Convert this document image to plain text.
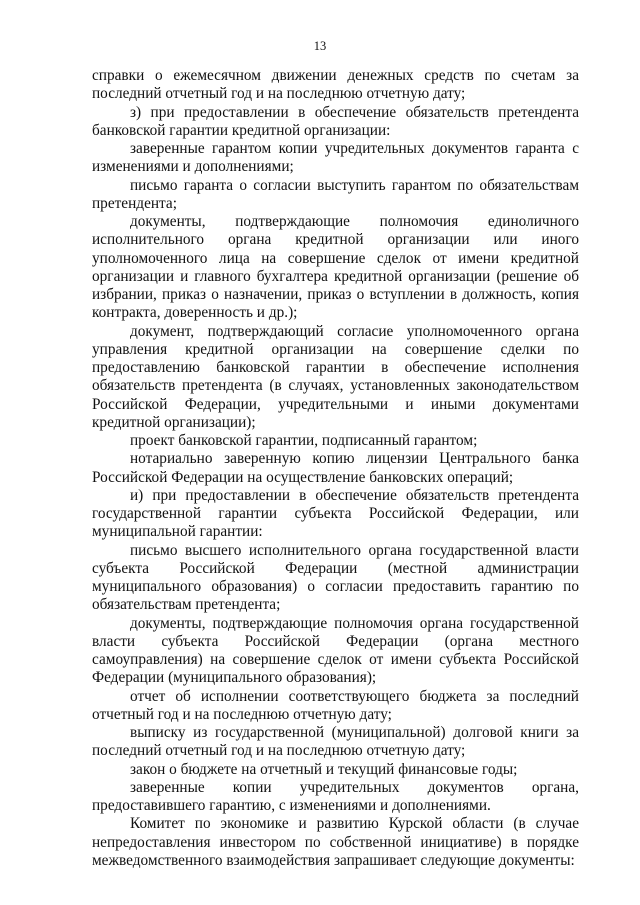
13

справки о ежемесячном движении денежных средств по счетам за последний отчетный год и на последнюю отчетную дату;

з) при предоставлении в обеспечение обязательств претендента банковской гарантии кредитной организации:

заверенные гарантом копии учредительных документов гаранта с изменениями и дополнениями;

письмо гаранта о согласии выступить гарантом по обязательствам претендента;

документы, подтверждающие полномочия единоличного исполнительного органа кредитной организации или иного уполномоченного лица на совершение сделок от имени кредитной организации и главного бухгалтера кредитной организации (решение об избрании, приказ о назначении, приказ о вступлении в должность, копия контракта, доверенность и др.);

документ, подтверждающий согласие уполномоченного органа управления кредитной организации на совершение сделки по предоставлению банковской гарантии в обеспечение исполнения обязательств претендента (в случаях, установленных законодательством Российской Федерации, учредительными и иными документами кредитной организации);

проект банковской гарантии, подписанный гарантом;

нотариально заверенную копию лицензии Центрального банка Российской Федерации на осуществление банковских операций;

и) при предоставлении в обеспечение обязательств претендента государственной гарантии субъекта Российской Федерации, или муниципальной гарантии:

письмо высшего исполнительного органа государственной власти субъекта Российской Федерации (местной администрации муниципального образования) о согласии предоставить гарантию по обязательствам претендента;

документы, подтверждающие полномочия органа государственной власти субъекта Российской Федерации (органа местного самоуправления) на совершение сделок от имени субъекта Российской Федерации (муниципального образования);

отчет об исполнении соответствующего бюджета за последний отчетный год и на последнюю отчетную дату;

выписку из государственной (муниципальной) долговой книги за последний отчетный год и на последнюю отчетную дату;

закон о бюджете на отчетный и текущий финансовые годы;

заверенные копии учредительных документов органа, предоставившего гарантию, с изменениями и дополнениями.

Комитет по экономике и развитию Курской области (в случае непредоставления инвестором по собственной инициативе) в порядке межведомственного взаимодействия запрашивает следующие документы:
